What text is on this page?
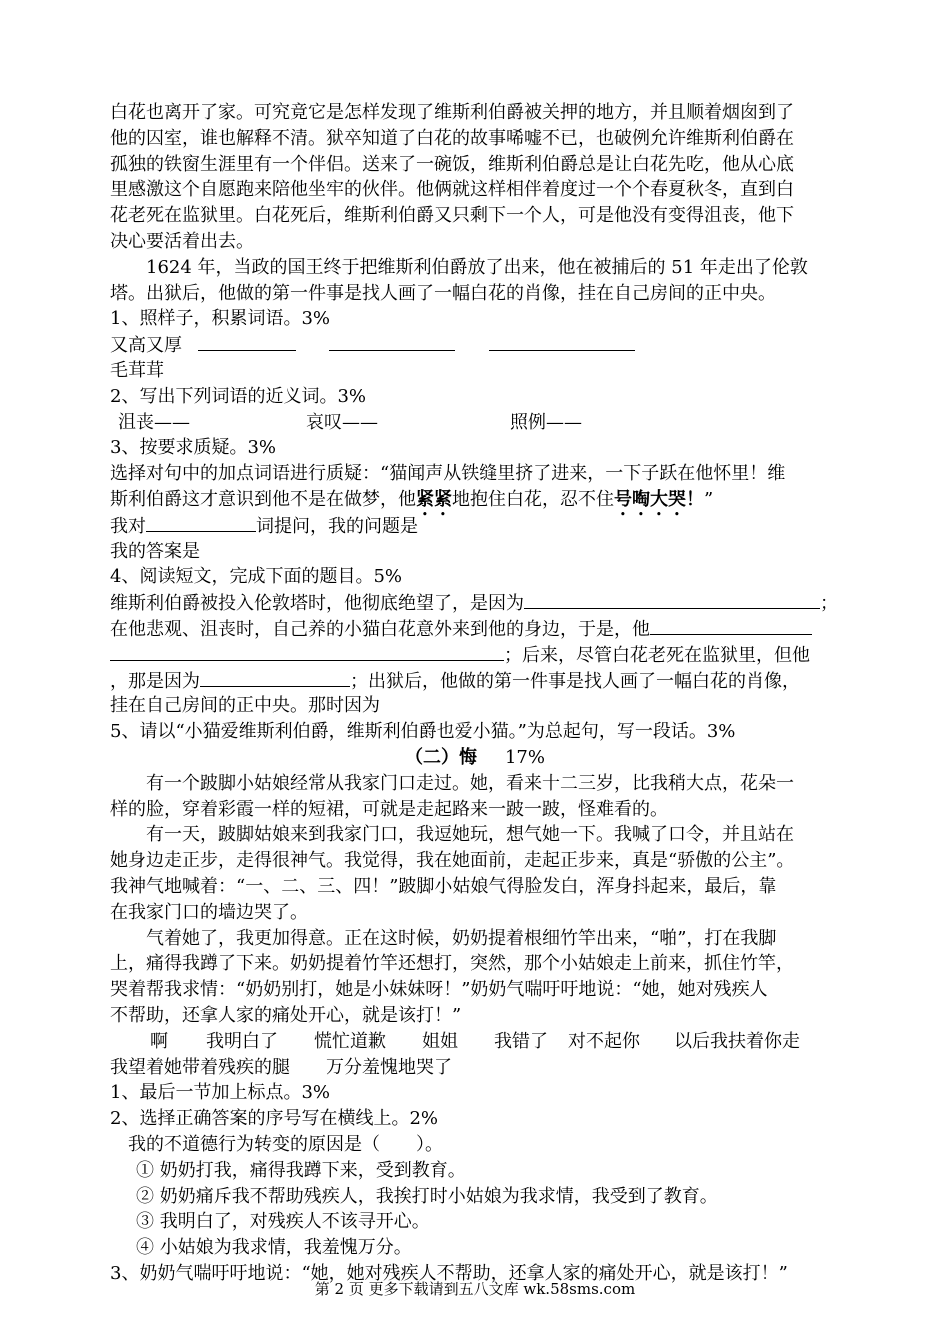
白花也离开了家。可究竟它是怎样发现了维斯利伯爵被关押的地方，并且顺着烟囱到了
他的囚室，谁也解释不清。狱卒知道了白花的故事唏嘘不已，也破例允许维斯利伯爵在
孤独的铁窗生涯里有一个伴侣。送来了一碗饭，维斯利伯爵总是让白花先吃，他从心底
里感激这个自愿跑来陪他坐牢的伙伴。他俩就这样相伴着度过一个个春夏秋冬，直到白
花老死在监狱里。白花死后，维斯利伯爵又只剩下一个人，可是他没有变得沮丧，他下
决心要活着出去。
　　1624 年，当政的国王终于把维斯利伯爵放了出来，他在被捕后的 51 年走出了伦敦
塔。出狱后，他做的第一件事是找人画了一幅白花的肖像，挂在自己房间的正中央。
1、照样子，积累词语。3%
又高又厚
毛茸茸
2、写出下列词语的近义词。3%
沮丧——	哀叹——	照例——
3、按要求质疑。3%
选择对句中的加点词语进行质疑：“猫闻声从铁缝里挤了进来，一下子跃在他怀里！维
斯利伯爵这才意识到他不是在做梦，他紧紧地抱住白花，忍不住号啕大哭！”
我对	词提问，我的问题是
我的答案是
4、阅读短文，完成下面的题目。5%
维斯利伯爵被投入伦敦塔时，他彻底绝望了，是因为	；
在他悲观、沮丧时，自己养的小猫白花意外来到他的身边，于是，他
；后来，尽管白花老死在监狱里，但他
，那是因为	；出狱后，他做的第一件事是找人画了一幅白花的肖像，
挂在自己房间的正中央。那时因为
5、请以“小猫爱维斯利伯爵，维斯利伯爵也爱小猫。”为总起句，写一段话。3%
（二）悔 17%
　　有一个跛脚小姑娘经常从我家门口走过。她，看来十二三岁，比我稍大点，花朵一
样的脸，穿着彩霞一样的短裙，可就是走起路来一跛一跛，怪难看的。
　　有一天，跛脚姑娘来到我家门口，我逗她玩，想气她一下。我喊了口令，并且站在
她身边走正步，走得很神气。我觉得，我在她面前，走起正步来，真是“骄傲的公主”。
我神气地喊着：“一、二、三、四！”跛脚小姑娘气得脸发白，浑身抖起来，最后，靠
在我家门口的墙边哭了。
　　气着她了，我更加得意。正在这时候，奶奶提着根细竹竿出来，“啪”，打在我脚
上，痛得我蹲了下来。奶奶提着竹竿还想打，突然，那个小姑娘走上前来，抓住竹竿，
哭着帮我求情：“奶奶别打，她是小妹妹呀！”奶奶气喘吁吁地说：“她，她对残疾人
不帮助，还拿人家的痛处开心，就是该打！”
啊 我明白了 慌忙道歉 姐姐 我错了 对不起你 以后我扶着你走
我望着她带着残疾的腿　　万分羞愧地哭了
1、最后一节加上标点。3%
2、选择正确答案的序号写在横线上。2%
我的不道德行为转变的原因是（　　）。
① 奶奶打我，痛得我蹲下来，受到教育。
② 奶奶痛斥我不帮助残疾人，我挨打时小姑娘为我求情，我受到了教育。
③ 我明白了，对残疾人不该寻开心。
④ 小姑娘为我求情，我羞愧万分。
3、奶奶气喘吁吁地说：“她，她对残疾人不帮助，还拿人家的痛处开心，就是该打！”
第 2 页 更多下载请到五八文库 wk.58sms.com
